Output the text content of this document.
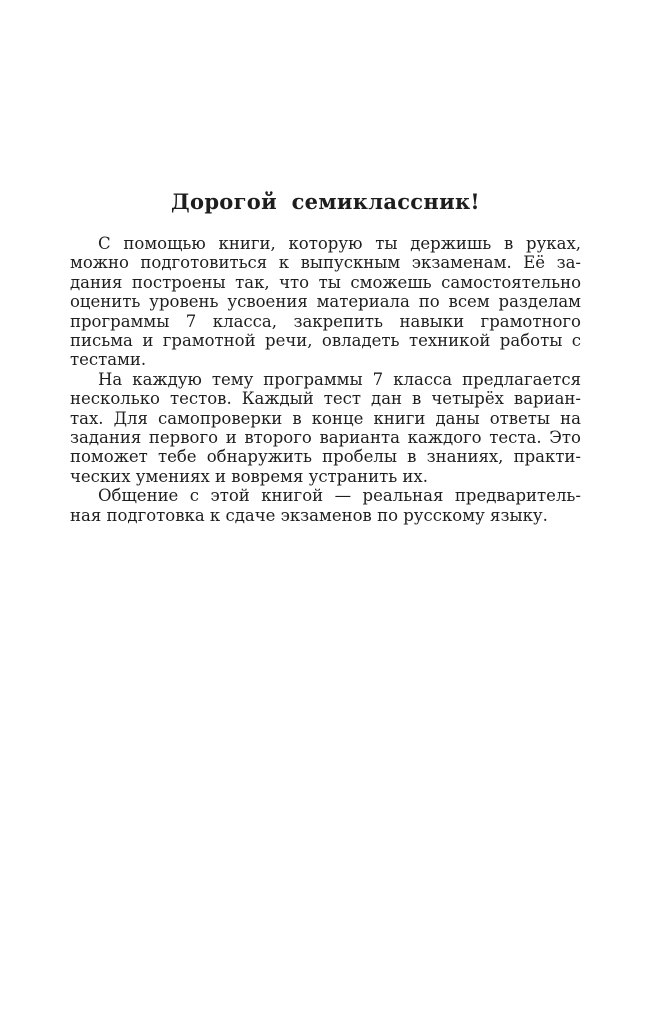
Дорогой семиклассник!
С помощью книги, которую ты держишь в руках,
можно подготовиться к выпускным экзаменам. Её за-
дания построены так, что ты сможешь самостоятельно
оценить уровень усвоения материала по всем разделам
программы 7 класса, закрепить навыки грамотного
письма и грамотной речи, овладеть техникой работы с
тестами.
На каждую тему программы 7 класса предлагается
несколько тестов. Каждый тест дан в четырёх вариан-
тах. Для самопроверки в конце книги даны ответы на
задания первого и второго варианта каждого теста. Это
поможет тебе обнаружить пробелы в знаниях, практи-
ческих умениях и вовремя устранить их.
Общение с этой книгой — реальная предваритель-
ная подготовка к сдаче экзаменов по русскому языку.
